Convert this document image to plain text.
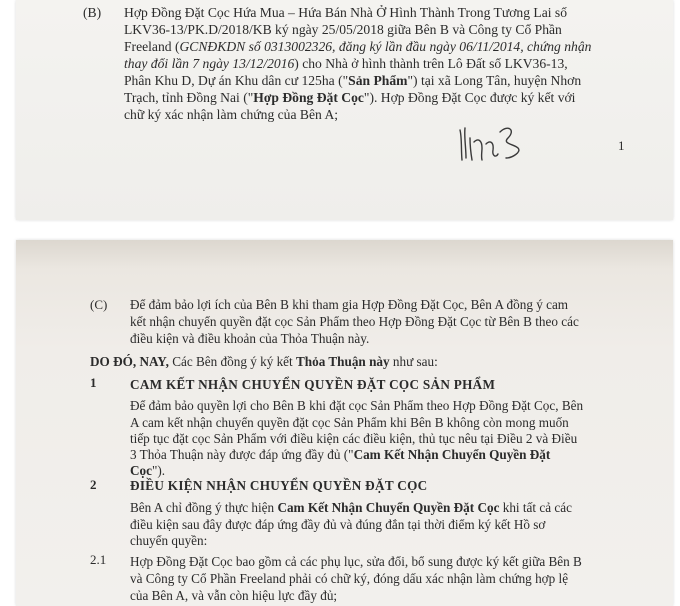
(B) Hợp Đồng Đặt Cọc Hứa Mua – Hứa Bán Nhà Ở Hình Thành Trong Tương Lai số
LKV36-13/PK.D/2018/KB ký ngày 25/05/2018 giữa Bên B và Công ty Cổ Phần
Freeland (GCNĐKDN số 0313002326, đăng ký lần đầu ngày 06/11/2014, chứng nhận
thay đổi lần 7 ngày 13/12/2016) cho Nhà ở hình thành trên Lô Đất số LKV36-13,
Phân Khu D, Dự án Khu dân cư 125ha ("Sản Phẩm") tại xã Long Tân, huyện Nhơn
Trạch, tỉnh Đồng Nai ("Hợp Đồng Đặt Cọc"). Hợp Đồng Đặt Cọc được ký kết với
chữ ký xác nhận làm chứng của Bên A;
1
(C) Để đảm bảo lợi ích của Bên B khi tham gia Hợp Đồng Đặt Cọc, Bên A đồng ý cam
kết nhận chuyển quyền đặt cọc Sản Phẩm theo Hợp Đồng Đặt Cọc từ Bên B theo các
điều kiện và điều khoản của Thỏa Thuận này.
DO ĐÓ, NAY, Các Bên đồng ý ký kết Thỏa Thuận này như sau:
1	CAM KẾT NHẬN CHUYỂN QUYỀN ĐẶT CỌC SẢN PHẨM
Để đảm bảo quyền lợi cho Bên B khi đặt cọc Sản Phẩm theo Hợp Đồng Đặt Cọc, Bên
A cam kết nhận chuyển quyền đặt cọc Sản Phẩm khi Bên B không còn mong muốn
tiếp tục đặt cọc Sản Phẩm với điều kiện các điều kiện, thủ tục nêu tại Điều 2 và Điều
3 Thỏa Thuận này được đáp ứng đầy đủ ("Cam Kết Nhận Chuyển Quyền Đặt
Cọc").
2	ĐIỀU KIỆN NHẬN CHUYỂN QUYỀN ĐẶT CỌC
Bên A chỉ đồng ý thực hiện Cam Kết Nhận Chuyển Quyền Đặt Cọc khi tất cả các
điều kiện sau đây được đáp ứng đầy đủ và đúng đắn tại thời điểm ký kết Hồ sơ
chuyển quyền:
2.1 Hợp Đồng Đặt Cọc bao gồm cả các phụ lục, sửa đổi, bổ sung được ký kết giữa Bên B
và Công ty Cổ Phần Freeland phải có chữ ký, đóng dấu xác nhận làm chứng hợp lệ
của Bên A, và vẫn còn hiệu lực đầy đủ;
